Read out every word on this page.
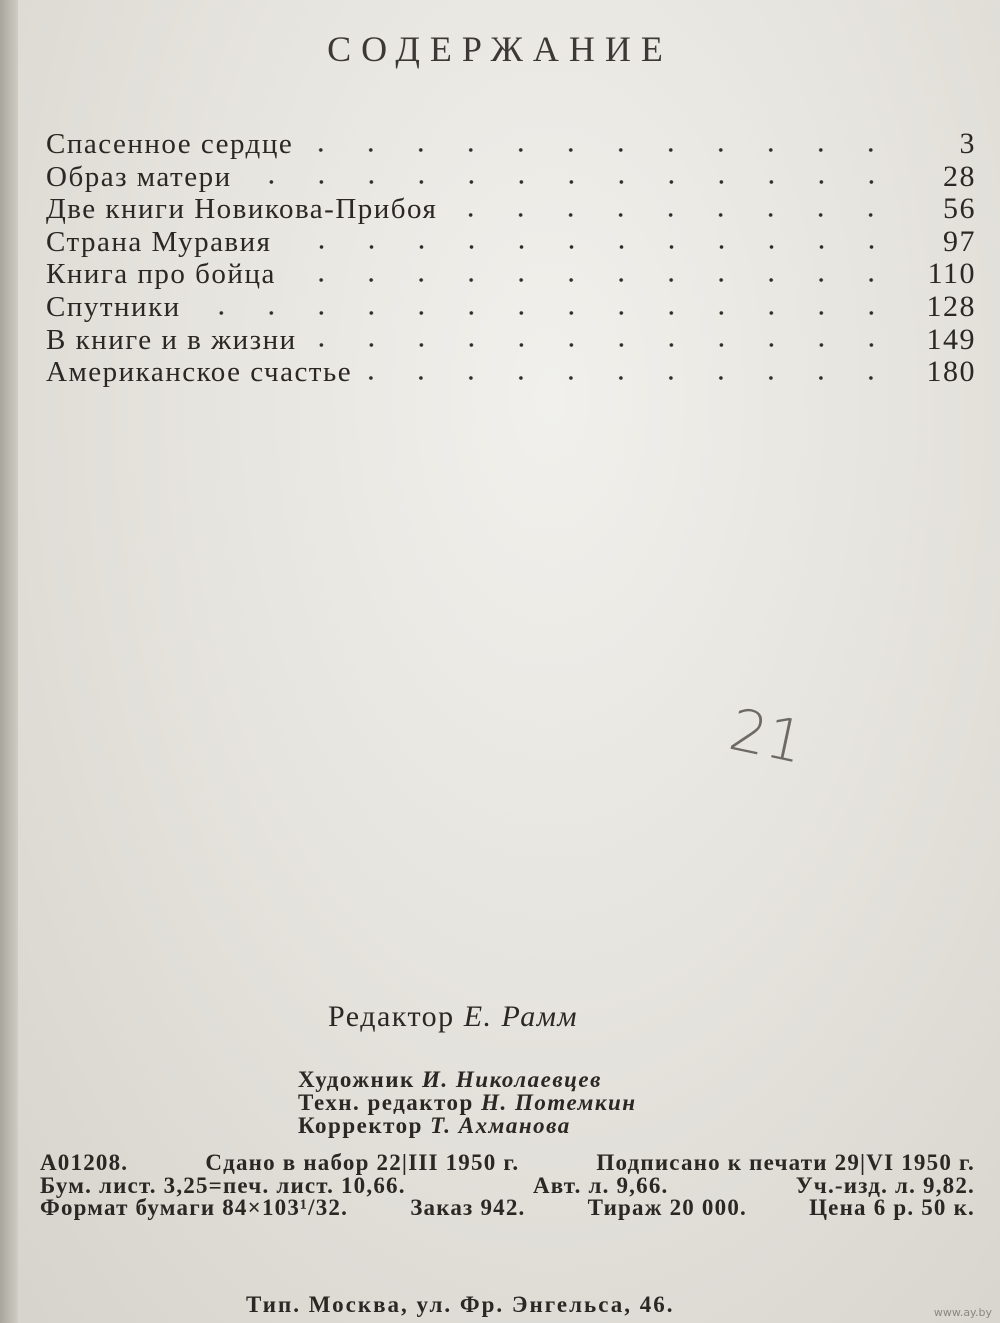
СОДЕРЖАНИЕ
Спасенное сердце	3
Образ матери	28
Две книги Новикова-Прибоя	56
Страна Муравия	97
Книга про бойца	110
Спутники	128
В книге и в жизни	149
Американское счастье	180
21
Редактор Е. Рамм
Художник И. Николаевцев
Техн. редактор Н. Потемкин
Корректор Т. Ахманова
А01208.	Сдано в набор 22|III 1950 г.	Подписано к печати 29|VI 1950 г.
Бум. лист. 3,25=печ. лист. 10,66.	Авт. л. 9,66.	Уч.-изд. л. 9,82.
Формат бумаги 84×103¹/32.	Заказ 942.	Тираж 20 000.	Цена 6 р. 50 к.
Тип. Москва, ул. Фр. Энгельса, 46.	www.ay.by
